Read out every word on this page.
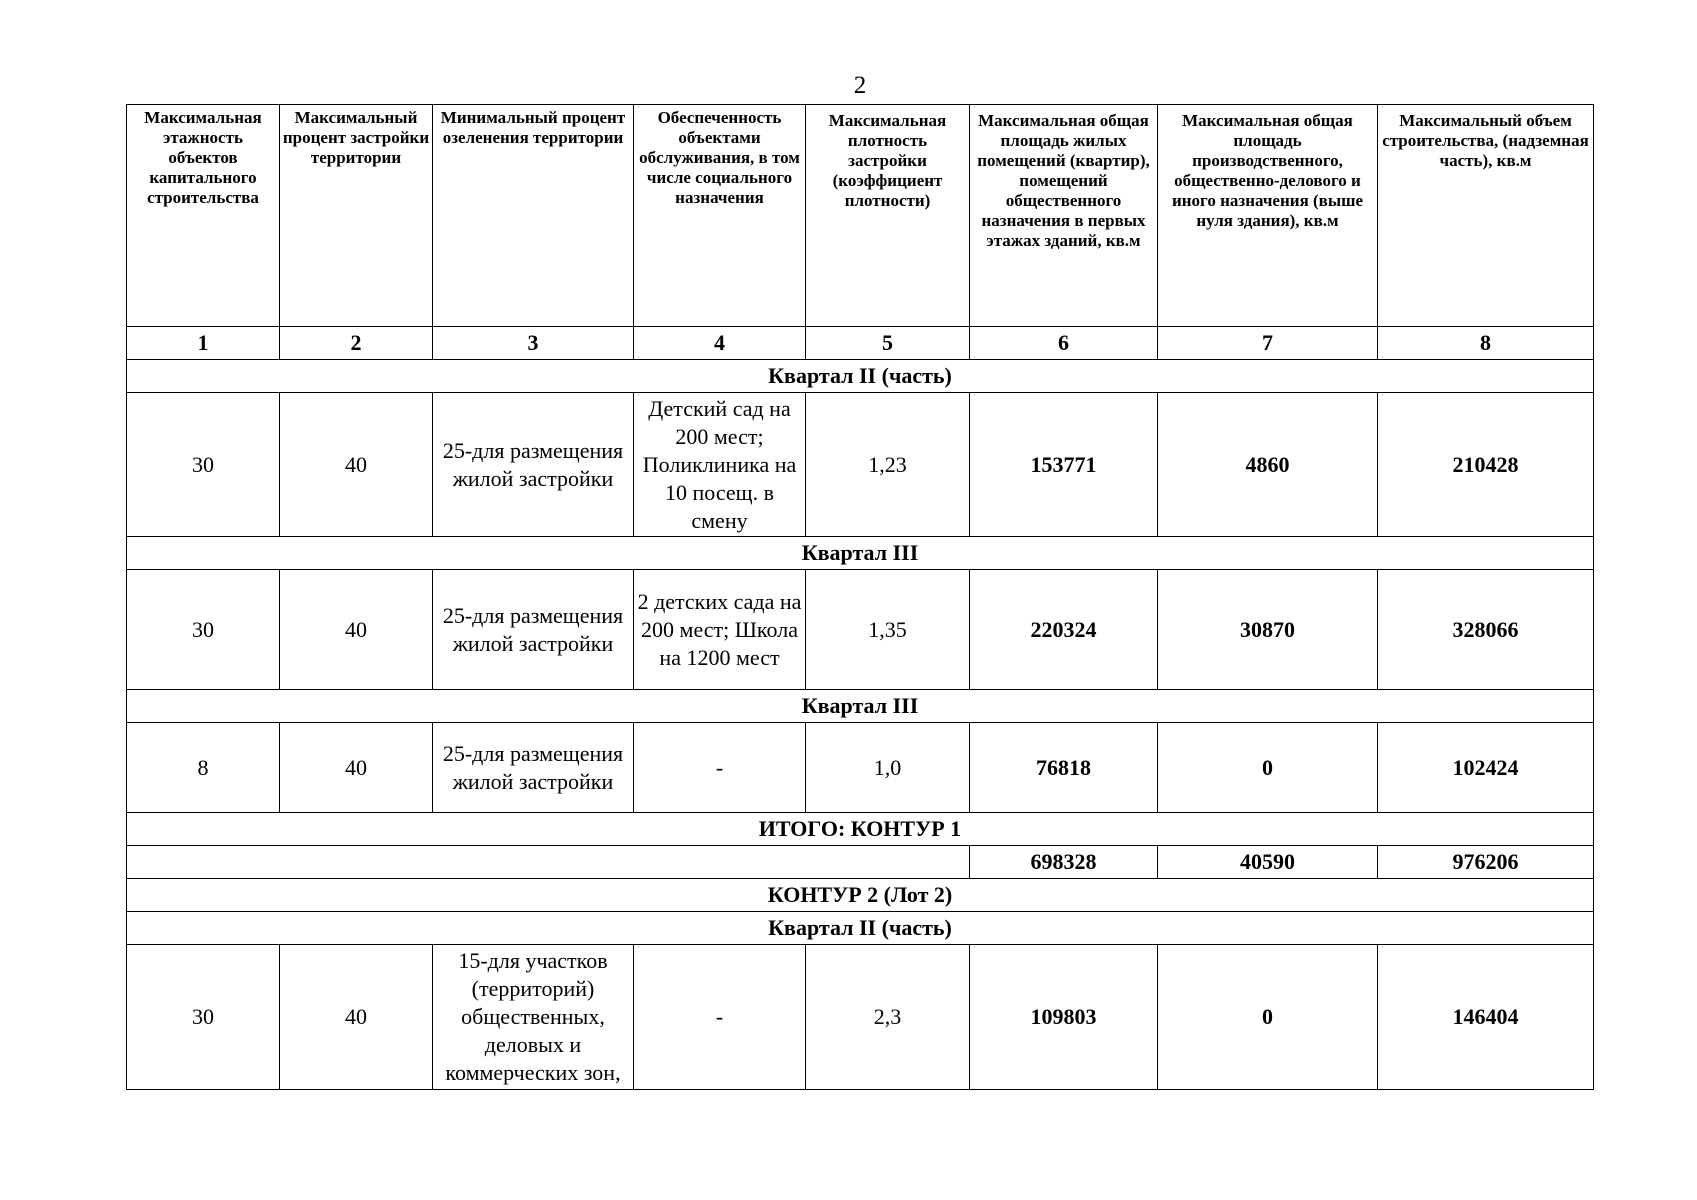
2
Максимальная этажность объектов капитального строительства	Максимальный процент застройки территории	Минимальный процент озеленения территории	Обеспеченность объектами обслуживания, в том числе социального назначения	Максимальная плотность застройки (коэффициент плотности)	Максимальная общая площадь жилых помещений (квартир), помещений общественного назначения в первых этажах зданий, кв.м	Максимальная общая площадь производственного, общественно-делового и иного назначения (выше нуля здания), кв.м	Максимальный объем строительства, (надземная часть), кв.м
1	2	3	4	5	6	7	8
Квартал II (часть)							
30	40	25-для размещения жилой застройки	Детский сад на 200 мест; Поликлиника на 10 посещ. в смену	1,23	153771	4860	210428
Квартал III							
30	40	25-для размещения жилой застройки	2 детских сада на 200 мест; Школа на 1200 мест	1,35	220324	30870	328066
Квартал III							
8	40	25-для размещения жилой застройки	-	1,0	76818	0	102424
ИТОГО: КОНТУР 1							
					698328	40590	976206
КОНТУР 2 (Лот 2)							
Квартал II (часть)							
30	40	15-для участков (территорий) общественных, деловых и коммерческих зон,	-	2,3	109803	0	146404
